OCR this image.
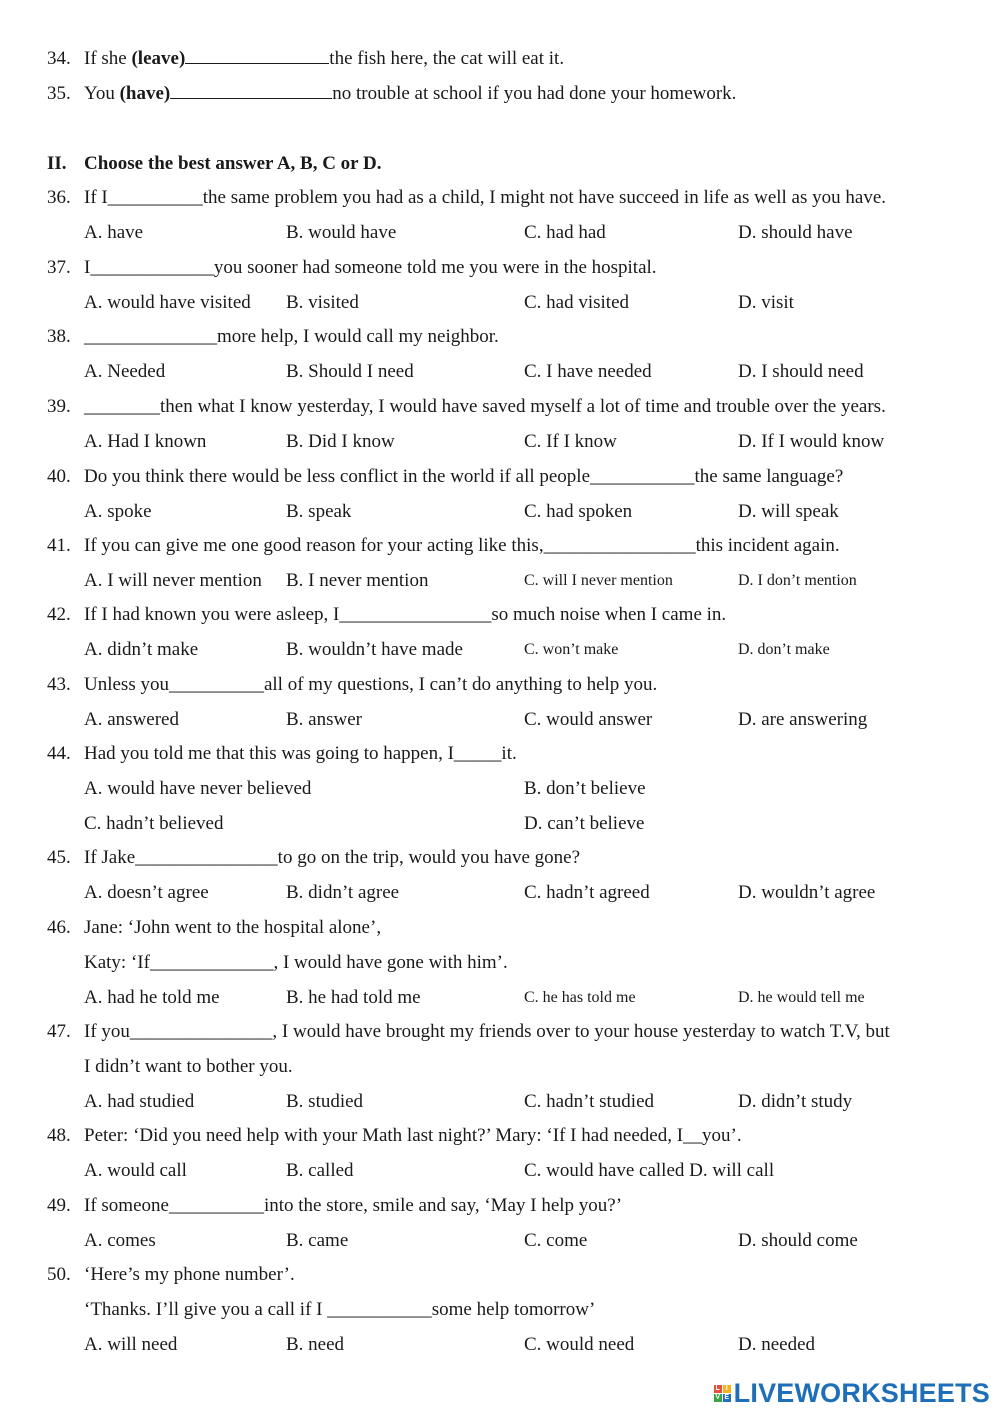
34. If she (leave)	the fish here, the cat will eat it.
35. You (have)	no trouble at school if you had done your homework.
II. Choose the best answer A, B, C or D.
36. If I__________the same problem you had as a child, I might not have succeed in life as well as you have.
A. have	B. would have	C. had had	D. should have
37. I_____________you sooner had someone told me you were in the hospital.
A. would have visited B. visited	C. had visited	D. visit
38. ______________more help, I would call my neighbor.
A. Needed	B. Should I need	C. I have needed	D. I should need
39. ________then what I know yesterday, I would have saved myself a lot of time and trouble over the years.
A. Had I known	B. Did I know	C. If I know	D. If I would know
40. Do you think there would be less conflict in the world if all people___________the same language?
A. spoke	B. speak	C. had spoken	D. will speak
41. If you can give me one good reason for your acting like this,________________this incident again.
A. I will never mention B. I never mention	C. will I never mention	D. I don’t mention
42. If I had known you were asleep, I________________so much noise when I came in.
A. didn’t make	B. wouldn’t have made	C. won’t make	D. don’t make
43. Unless you__________all of my questions, I can’t do anything to help you.
A. answered	B. answer	C. would answer	D. are answering
44. Had you told me that this was going to happen, I_____it.
A. would have never believed	B. don’t believe
C. hadn’t believed	D. can’t believe
45. If Jake_______________to go on the trip, would you have gone?
A. doesn’t agree	B. didn’t agree	C. hadn’t agreed	D. wouldn’t agree
46. Jane: ‘John went to the hospital alone’,
Katy: ‘If_____________, I would have gone with him’.
A. had he told me	B. he had told me	C. he has told me	D. he would tell me
47. If you_______________, I would have brought my friends over to your house yesterday to watch T.V, but
I didn’t want to bother you.
A. had studied	B. studied	C. hadn’t studied	D. didn’t study
48. Peter: ‘Did you need help with your Math last night?’ Mary: ‘If I had needed, I__you’.
A. would call	B. called	C. would have called D. will call
49. If someone__________into the store, smile and say, ‘May I help you?’
A. comes	B. came	C. come	D. should come
50. ‘Here’s my phone number’.
‘Thanks. I’ll give you a call if I ___________some help tomorrow’
A. will need	B. need	C. would need	D. needed
L I
V E LIVEWORKSHEETS
